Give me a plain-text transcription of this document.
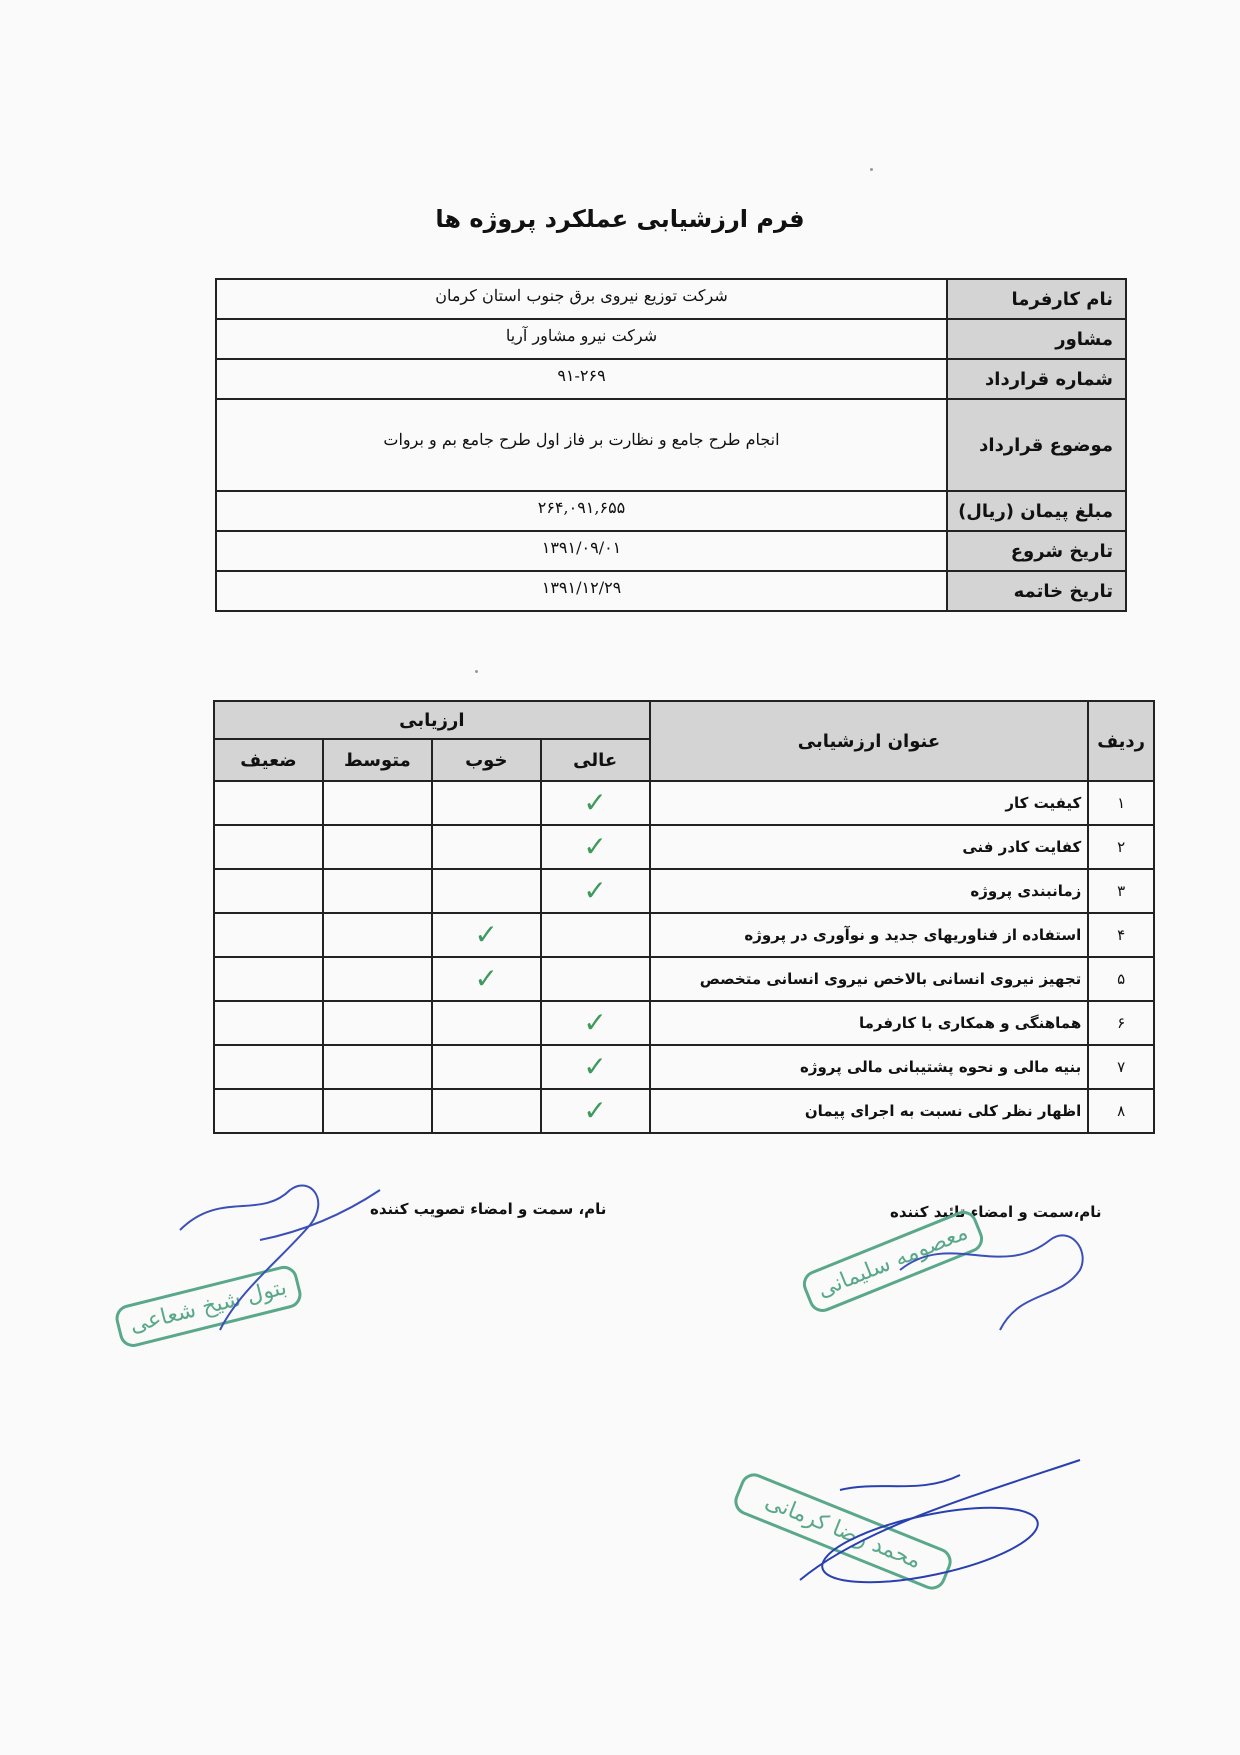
فرم ارزشیابی عملکرد پروژه ها
نام کارفرما	شرکت توزیع نیروی برق جنوب استان کرمان
مشاور	شرکت نیرو مشاور آریا
شماره قرارداد	۹۱-۲۶۹
موضوع قرارداد	انجام طرح جامع و نظارت بر فاز اول طرح جامع بم و بروات
مبلغ پیمان (ریال)	۲۶۴,۰۹۱,۶۵۵
تاریخ شروع	۱۳۹۱/۰۹/۰۱
تاریخ خاتمه	۱۳۹۱/۱۲/۲۹
ردیف	عنوان ارزشیابی	ارزیابی			
		عالی	خوب	متوسط	ضعیف
۱	کیفیت کار	✓			
۲	کفایت کادر فنی	✓			
۳	زمانبندی پروژه	✓			
۴	استفاده از فناوریهای جدید و نوآوری در پروژه		✓		
۵	تجهیز نیروی انسانی بالاخص نیروی انسانی متخصص		✓		
۶	هماهنگی و همکاری با کارفرما	✓			
۷	بنیه مالی و نحوه پشتیبانی مالی پروژه	✓			
۸	اظهار نظر کلی نسبت به اجرای پیمان	✓			
نام، سمت و امضاء تصویب کننده	نام،سمت و امضاء تائید کننده
بتول شیخ شعاعی
معصومه سلیمانی
محمد رضا کرمانی
